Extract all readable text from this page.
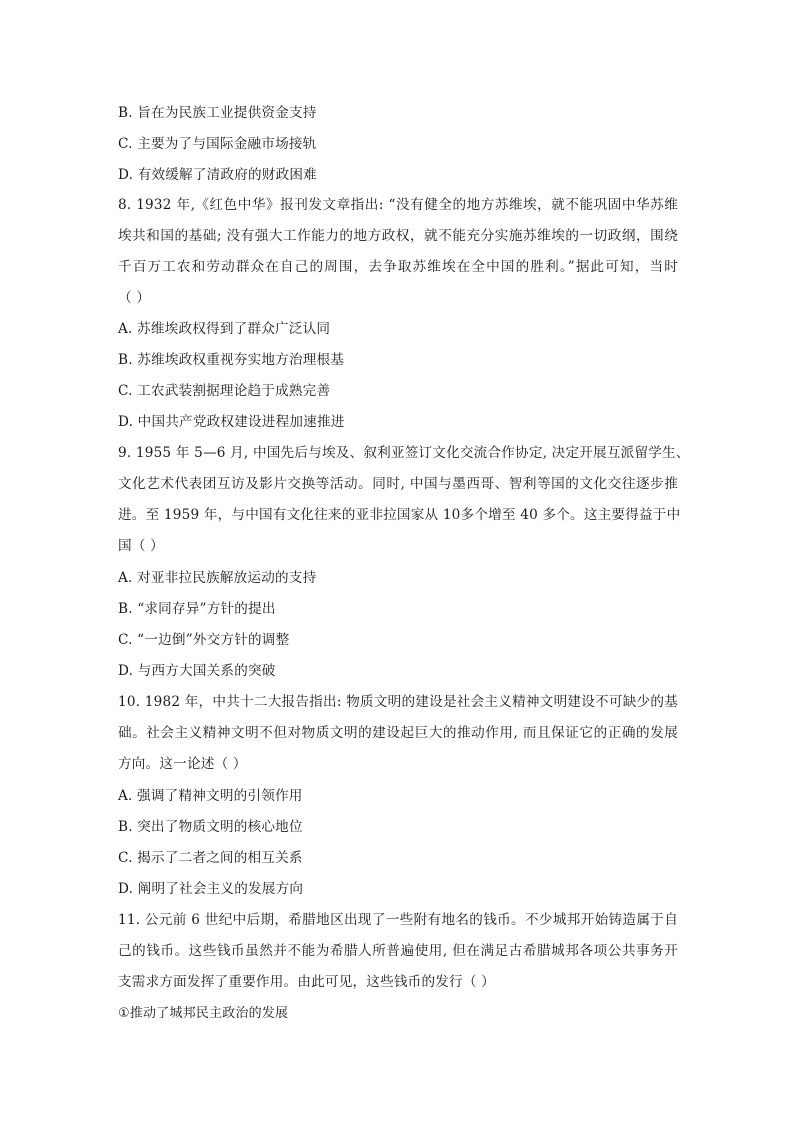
B. 旨在为民族工业提供资金支持
C. 主要为了与国际金融市场接轨
D. 有效缓解了清政府的财政困难
8. 1932 年,《红色中华》报刊发文章指出: “没有健全的地方苏维埃，就不能巩固中华苏维
埃共和国的基础; 没有强大工作能力的地方政权，就不能充分实施苏维埃的一切政纲，围绕
千百万工农和劳动群众在自己的周围，去争取苏维埃在全中国的胜利。”据此可知，当时
（ ）
A. 苏维埃政权得到了群众广泛认同
B. 苏维埃政权重视夯实地方治理根基
C. 工农武装割据理论趋于成熟完善
D. 中国共产党政权建设进程加速推进
9. 1955 年 5—6 月, 中国先后与埃及、叙利亚签订文化交流合作协定, 决定开展互派留学生、
文化艺术代表团互访及影片交换等活动。同时, 中国与墨西哥、智利等国的文化交往逐步推
进。至 1959 年，与中国有文化往来的亚非拉国家从 10多个增至 40 多个。这主要得益于中
国（ ）
A. 对亚非拉民族解放运动的支持
B. “求同存异”方针的提出
C. “一边倒”外交方针的调整
D. 与西方大国关系的突破
10. 1982 年，中共十二大报告指出: 物质文明的建设是社会主义精神文明建设不可缺少的基
础。社会主义精神文明不但对物质文明的建设起巨大的推动作用, 而且保证它的正确的发展
方向。这一论述（ ）
A. 强调了精神文明的引领作用
B. 突出了物质文明的核心地位
C. 揭示了二者之间的相互关系
D. 阐明了社会主义的发展方向
11. 公元前 6 世纪中后期，希腊地区出现了一些附有地名的钱币。不少城邦开始铸造属于自
己的钱币。这些钱币虽然并不能为希腊人所普遍使用, 但在满足古希腊城邦各项公共事务开
支需求方面发挥了重要作用。由此可见，这些钱币的发行（ ）
①推动了城邦民主政治的发展
